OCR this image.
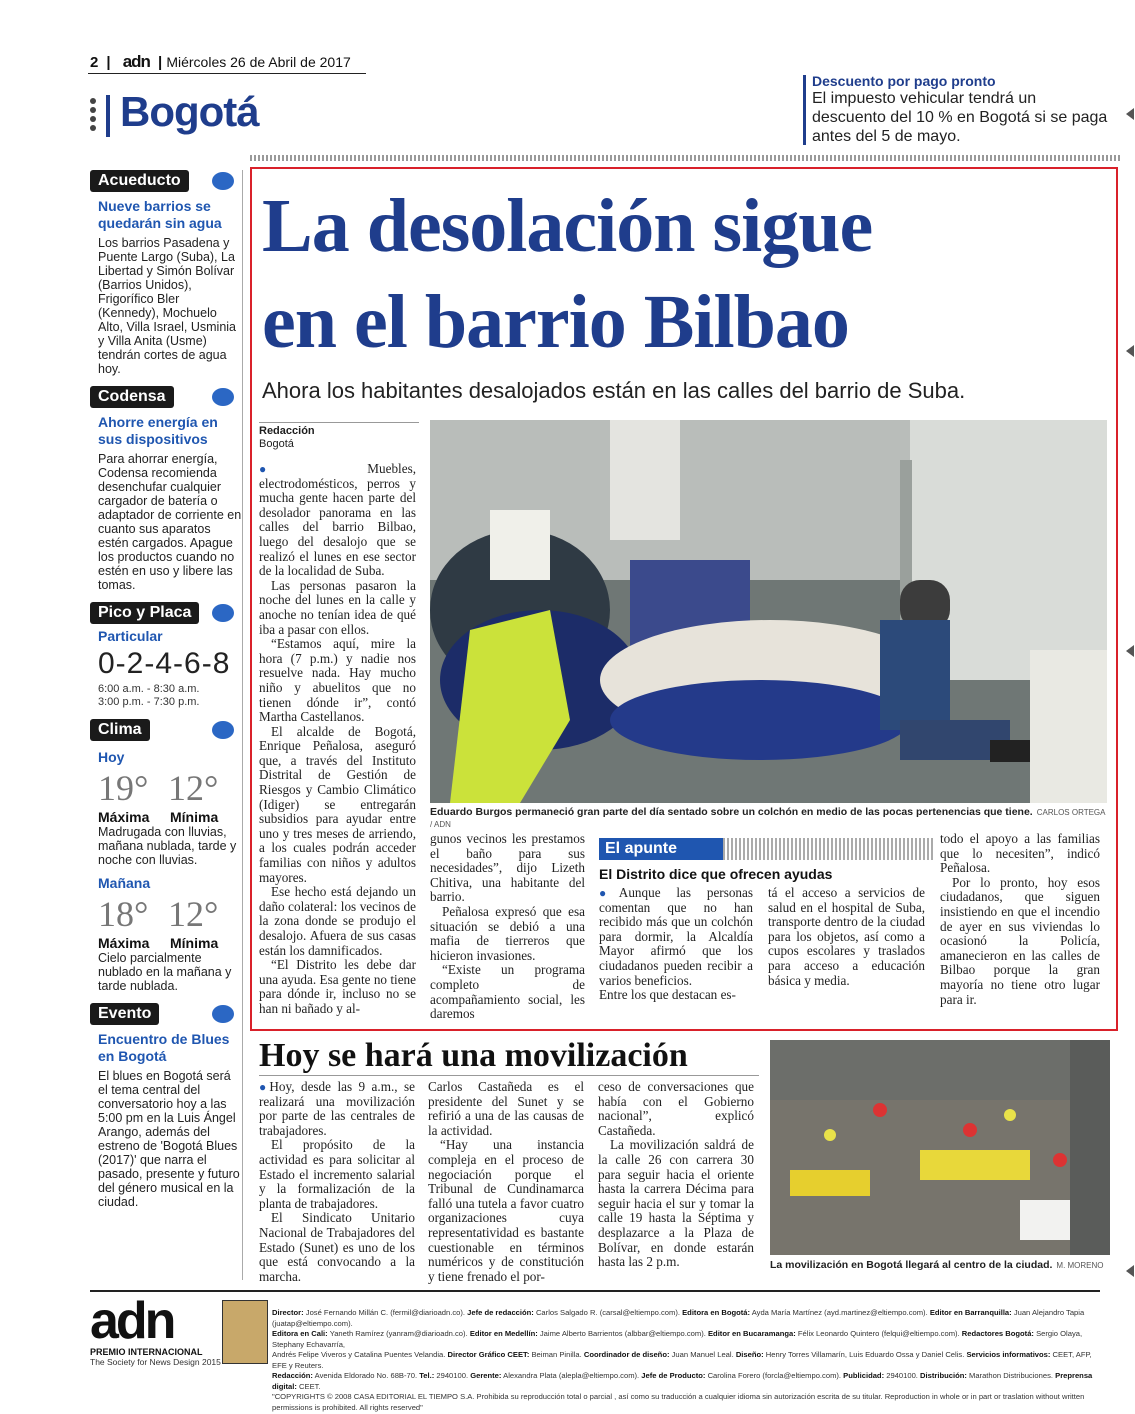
2 | adn | Miércoles 26 de Abril de 2017
Bogotá
Descuento por pago pronto
El impuesto vehicular tendrá un descuento del 10 % en Bogotá si se paga antes del 5 de mayo.
Acueducto
Nueve barrios se quedarán sin agua
Los barrios Pasadena y Puente Largo (Suba), La Libertad y Simón Bolívar (Barrios Unidos), Frigorífico Bler (Kennedy), Mochuelo Alto, Villa Israel, Usminia y Villa Anita (Usme) tendrán cortes de agua hoy.
Codensa
Ahorre energía en sus dispositivos
Para ahorrar energía, Codensa recomienda desenchufar cualquier cargador de batería o adaptador de corriente en cuanto sus aparatos estén cargados. Apague los productos cuando no estén en uso y libere las tomas.
Pico y Placa
Particular
0-2-4-6-8
6:00 a.m. - 8:30 a.m.
3:00 p.m. - 7:30 p.m.
Clima
Hoy
19° 12°
Máxima Mínima
Madrugada con lluvias, mañana nublada, tarde y noche con lluvias.
Mañana
18° 12°
Máxima Mínima
Cielo parcialmente nublado en la mañana y tarde nublada.
Evento
Encuentro de Blues en Bogotá
El blues en Bogotá será el tema central del conversatorio hoy a las 5:00 pm en la Luis Ángel Arango, además del estreno de 'Bogotá Blues (2017)' que narra el pasado, presente y futuro del género musical en la ciudad.
La desolación sigue
en el barrio Bilbao
Ahora los habitantes desalojados están en las calles del barrio de Suba.
Redacción
Bogotá

●Muebles, electrodomésticos, perros y mucha gente hacen parte del desolador panorama en las calles del barrio Bilbao, luego del desalojo que se realizó el lunes en ese sector de la localidad de Suba.

Las personas pasaron la noche del lunes en la calle y anoche no tenían idea de qué iba a pasar con ellos.

“Estamos aquí, mire la hora (7 p.m.) y nadie nos resuelve nada. Hay mucho niño y abuelitos que no tienen dónde ir”, contó Martha Castellanos.

El alcalde de Bogotá, Enrique Peñalosa, aseguró que, a través del Instituto Distrital de Gestión de Riesgos y Cambio Climático (Idiger) se entregarán subsidios para ayudar entre uno y tres meses de arriendo, a los cuales podrán acceder familias con niños y adultos mayores.

Ese hecho está dejando un daño colateral: los vecinos de la zona donde se produjo el desalojo. Afuera de sus casas están los damnificados.

“El Distrito les debe dar una ayuda. Esa gente no tiene para dónde ir, incluso no se han ni bañado y al-

Eduardo Burgos permaneció gran parte del día sentado sobre un colchón en medio de las pocas pertenencias que tiene. CARLOS ORTEGA / ADN

gunos vecinos les prestamos el baño para sus necesidades”, dijo Lizeth Chitiva, una habitante del barrio.

Peñalosa expresó que esa situación se debió a una mafia de tierreros que hicieron invasiones.

“Existe un programa completo de acompañamiento social, les daremos

El apunte
El Distrito dice que ofrecen ayudas

●Aunque las personas comentan que no han recibido más que un colchón para dormir, la Alcaldía Mayor afirmó que los ciudadanos pueden recibir a varios beneficios.

Entre los que destacan es-

tá el acceso a servicios de salud en el hospital de Suba, transporte dentro de la ciudad para los objetos, así como a cupos escolares y traslados para acceso a educación básica y media.

todo el apoyo a las familias que lo necesiten”, indicó Peñalosa.

Por lo pronto, hoy esos ciudadanos, que siguen insistiendo en que el incendio de ayer en sus viviendas lo ocasionó la Policía, amanecieron en las calles de Bilbao porque la gran mayoría no tiene otro lugar para ir.

Hoy se hará una movilización

●Hoy, desde las 9 a.m., se realizará una movilización por parte de las centrales de trabajadores.

El propósito de la actividad es para solicitar al Estado el incremento salarial y la formalización de la planta de trabajadores.

El Sindicato Unitario Nacional de Trabajadores del Estado (Sunet) es uno de los que está convocando a la marcha.

Carlos Castañeda es el presidente del Sunet y se refirió a una de las causas de la actividad.

“Hay una instancia compleja en el proceso de negociación porque el Tribunal de Cundinamarca falló una tutela a favor cuatro organizaciones cuya representatividad es bastante cuestionable en términos numéricos y de constitución y tiene frenado el por-

ceso de conversaciones que había con el Gobierno nacional”, explicó Castañeda.

La movilización saldrá de la calle 26 con carrera 30 para seguir hacia el oriente hasta la carrera Décima para seguir hacia el sur y tomar la calle 19 hasta la Séptima y desplazarce a la Plaza de Bolívar, en donde estarán hasta las 2 p.m.	La movilización en Bogotá llegará al centro de la ciudad. M. MORENO
adn
PREMIO INTERNACIONAL
The Society for News Design 2015
Director: José Fernando Millán C. (fermil@diarioadn.co). Jefe de redacción: Carlos Salgado R. (carsal@eltiempo.com). Editora en Bogotá: Ayda María Martínez (ayd.martinez@eltiempo.com). Editor en Barranquilla: Juan Alejandro Tapia (juatap@eltiempo.com).
Editora en Cali: Yaneth Ramírez (yanram@diarioadn.co). Editor en Medellín: Jaime Alberto Barrientos (albbar@eltiempo.com). Editor en Bucaramanga: Félix Leonardo Quintero (felqui@eltiempo.com). Redactores Bogotá: Sergio Olaya, Stephany Echavarría,
Andrés Felipe Viveros y Catalina Puentes Velandia. Director Gráfico CEET: Beiman Pinilla. Coordinador de diseño: Juan Manuel Leal. Diseño: Henry Torres Villamarín, Luis Eduardo Ossa y Daniel Celis. Servicios informativos: CEET, AFP, EFE y Reuters.
Redacción: Avenida Eldorado No. 68B-70. Tel.: 2940100. Gerente: Alexandra Plata (alepla@eltiempo.com). Jefe de Producto: Carolina Forero (forcla@eltiempo.com). Publicidad: 2940100. Distribución: Marathon Distribuciones. Preprensa digital: CEET.
"COPYRIGHTS © 2008 CASA EDITORIAL EL TIEMPO S.A. Prohibida su reproducción total o parcial , así como su traducción a cualquier idioma sin autorización escrita de su titular. Reproduction in whole or in part or traslation without written permissions is prohibited. All rights reserved"
